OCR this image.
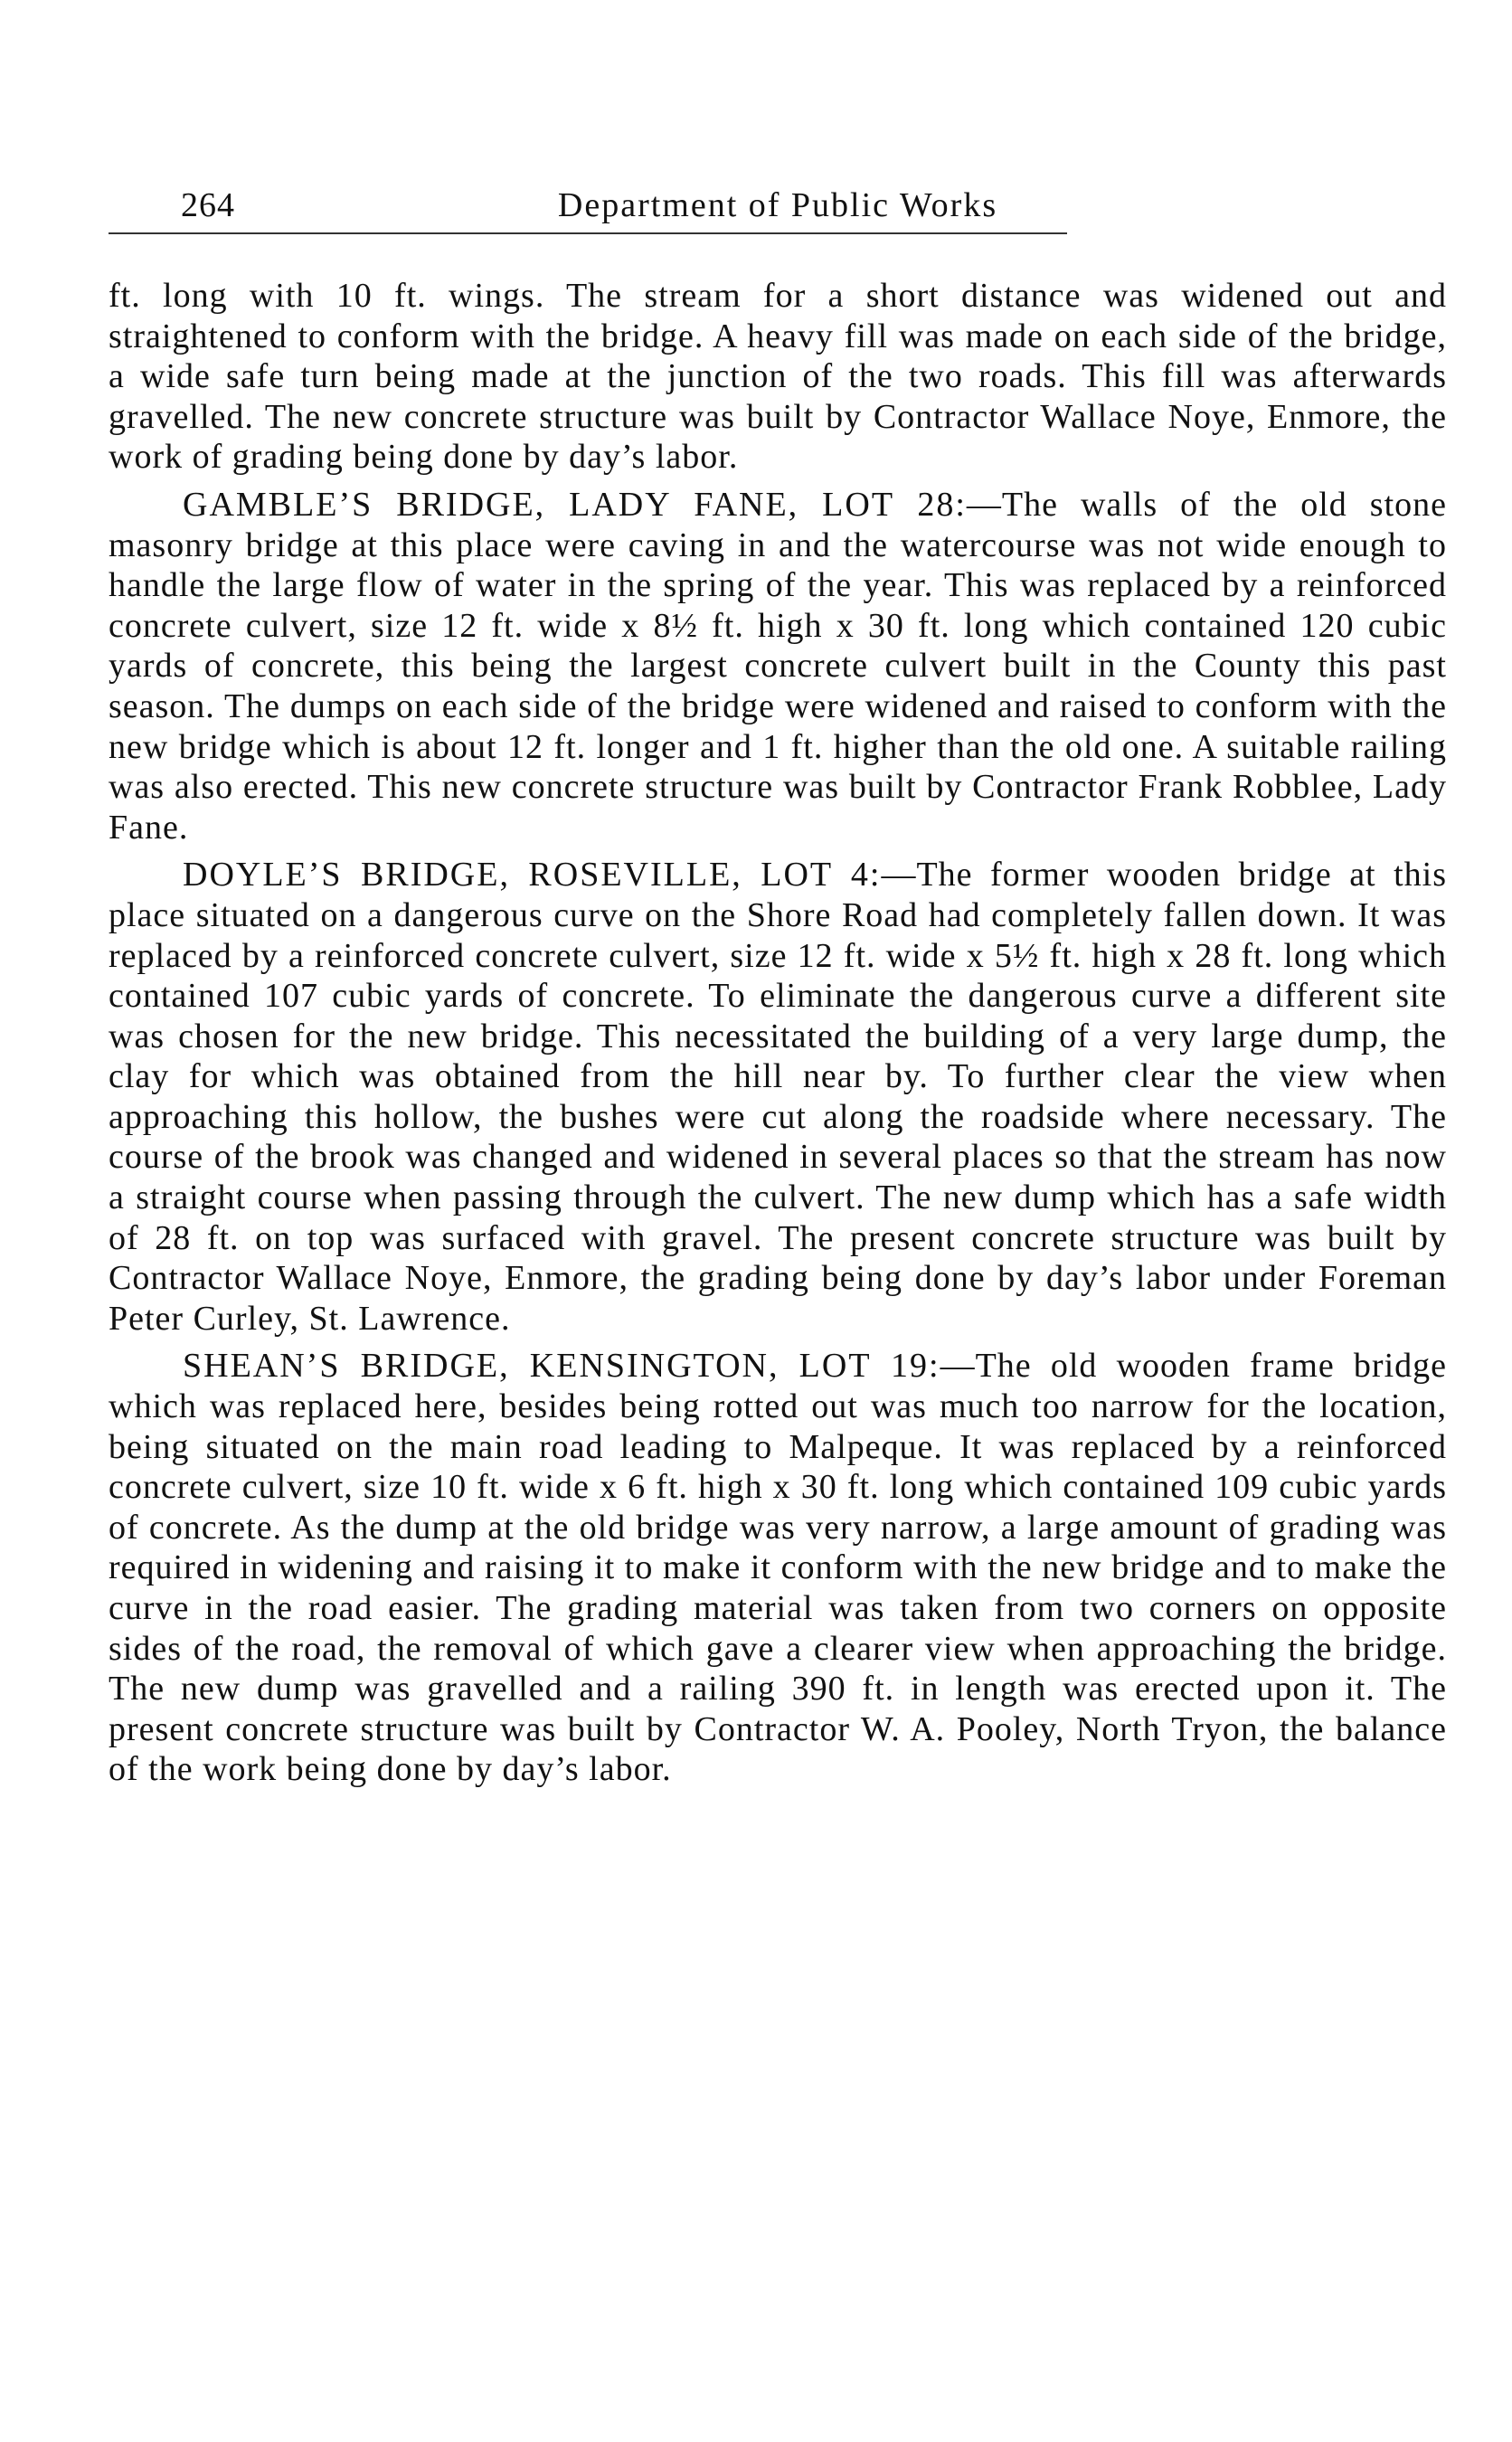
264	Department of Public Works

ft. long with 10 ft. wings. The stream for a short distance was widened out and straightened to conform with the bridge. A heavy fill was made on each side of the bridge, a wide safe turn being made at the junction of the two roads. This fill was afterwards gravelled. The new concrete structure was built by Contractor Wallace Noye, Enmore, the work of grading being done by day’s labor.

GAMBLE’S BRIDGE, LADY FANE, LOT 28:—The walls of the old stone masonry bridge at this place were caving in and the watercourse was not wide enough to handle the large flow of water in the spring of the year. This was replaced by a reinforced concrete culvert, size 12 ft. wide x 8½ ft. high x 30 ft. long which contained 120 cubic yards of concrete, this being the largest concrete culvert built in the County this past season. The dumps on each side of the bridge were widened and raised to conform with the new bridge which is about 12 ft. longer and 1 ft. higher than the old one. A suitable railing was also erected. This new concrete structure was built by Contractor Frank Robblee, Lady Fane.

DOYLE’S BRIDGE, ROSEVILLE, LOT 4:—The former wooden bridge at this place situated on a dangerous curve on the Shore Road had completely fallen down. It was replaced by a reinforced concrete culvert, size 12 ft. wide x 5½ ft. high x 28 ft. long which contained 107 cubic yards of concrete. To eliminate the dangerous curve a different site was chosen for the new bridge. This necessitated the building of a very large dump, the clay for which was obtained from the hill near by. To further clear the view when approaching this hollow, the bushes were cut along the roadside where necessary. The course of the brook was changed and widened in several places so that the stream has now a straight course when passing through the culvert. The new dump which has a safe width of 28 ft. on top was surfaced with gravel. The present concrete structure was built by Contractor Wallace Noye, Enmore, the grading being done by day’s labor under Foreman Peter Curley, St. Lawrence.

SHEAN’S BRIDGE, KENSINGTON, LOT 19:—The old wooden frame bridge which was replaced here, besides being rotted out was much too narrow for the location, being situated on the main road leading to Malpeque. It was replaced by a reinforced concrete culvert, size 10 ft. wide x 6 ft. high x 30 ft. long which contained 109 cubic yards of concrete. As the dump at the old bridge was very narrow, a large amount of grading was required in widening and raising it to make it conform with the new bridge and to make the curve in the road easier. The grading material was taken from two corners on opposite sides of the road, the removal of which gave a clearer view when approaching the bridge. The new dump was gravelled and a railing 390 ft. in length was erected upon it. The present concrete structure was built by Contractor W. A. Pooley, North Tryon, the balance of the work being done by day’s labor.
